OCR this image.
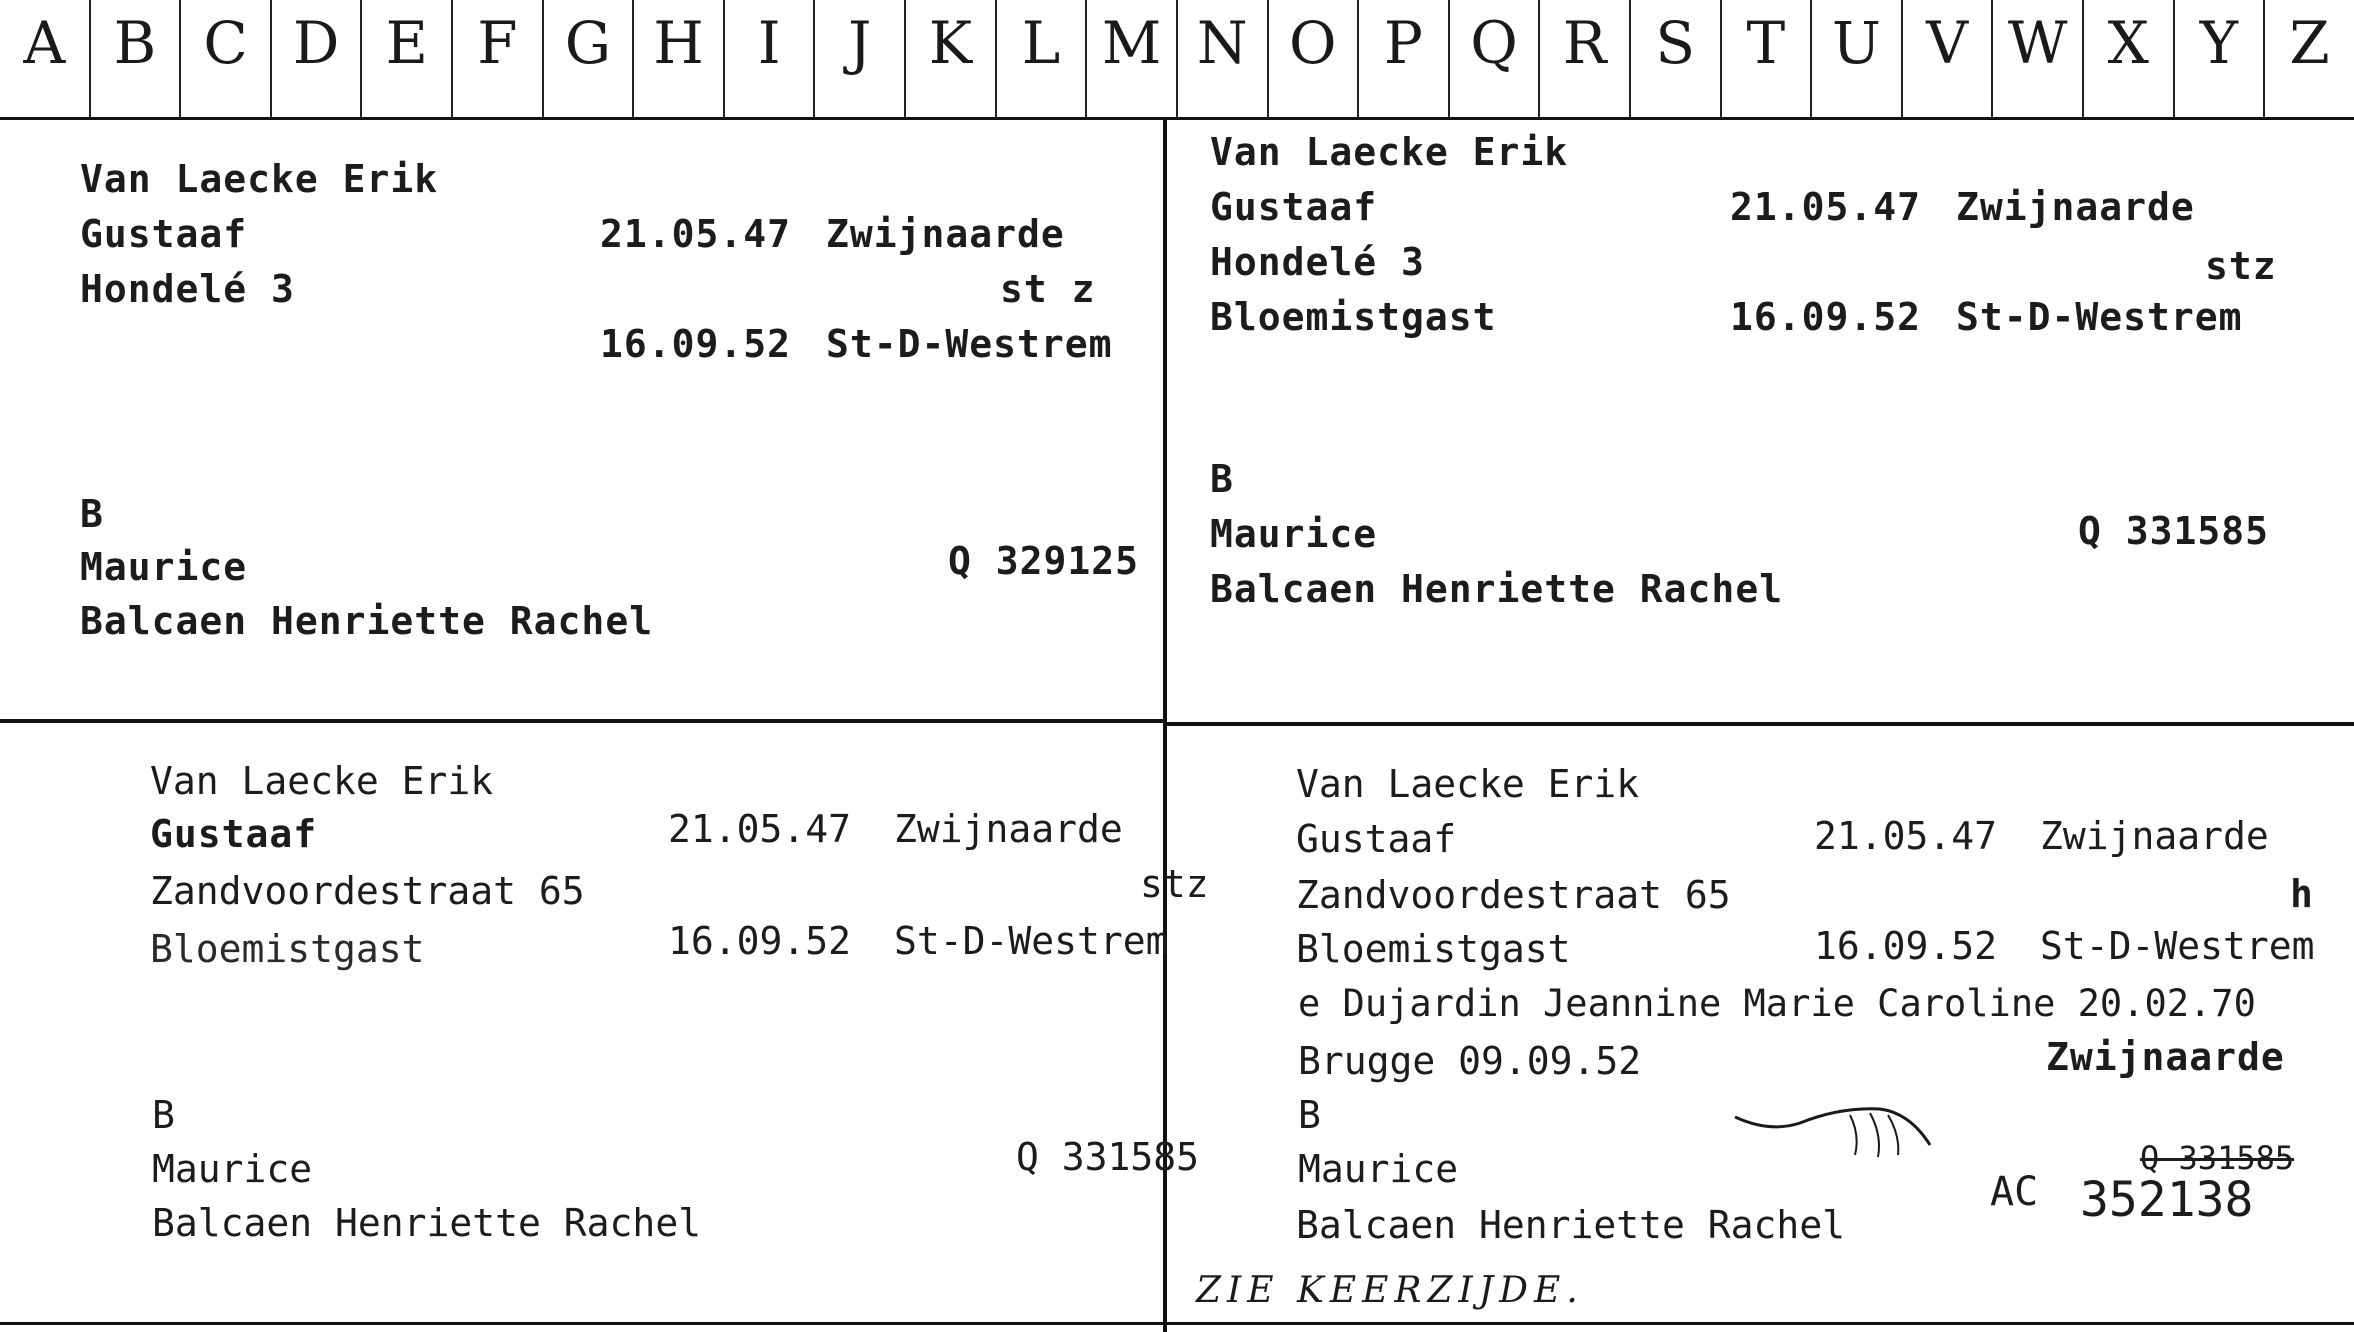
A B C D E F G H I	J K L M N O P Q R S T U V W X Y Z
Van Laecke Erik
Gustaaf	21.05.47 Zwijnaarde
Hondelé 3	st z
16.09.52 St-D-Westrem
B
Maurice	Q 329125
Balcaen Henriette Rachel
Van Laecke Erik
Gustaaf	21.05.47 Zwijnaarde
Hondelé 3	stz
Bloemistgast	16.09.52 St-D-Westrem
B
Maurice	Q 331585
Balcaen Henriette Rachel
Van Laecke Erik
Gustaaf	21.05.47 Zwijnaarde
Zandvoordestraat 65	stz
Bloemistgast	16.09.52 St-D-Westrem
B
Maurice	Q 331585
Balcaen Henriette Rachel
Van Laecke Erik
Gustaaf	21.05.47 Zwijnaarde
Zandvoordestraat 65	h
Bloemistgast	16.09.52 St-D-Westrem
e Dujardin Jeannine Marie Caroline 20.02.70
Brugge 09.09.52	Zwijnaarde
B
Maurice	Q 331585
AC 352138
Balcaen Henriette Rachel
ZIE KEERZIJDE.
